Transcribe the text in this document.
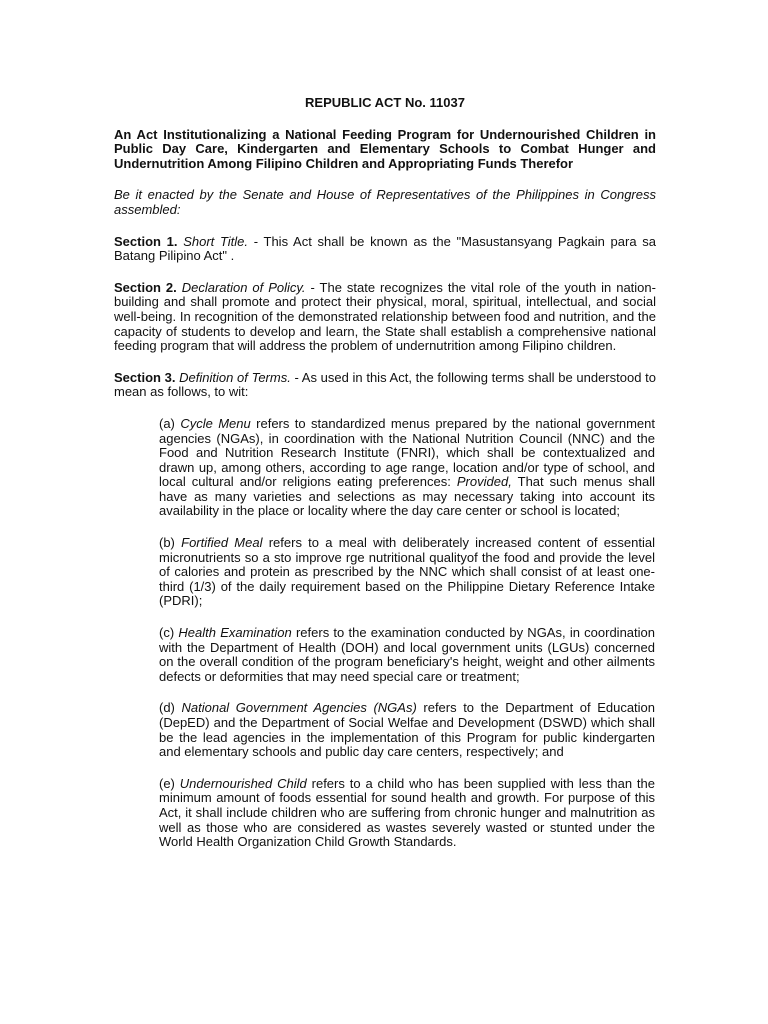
REPUBLIC ACT No. 11037
An Act Institutionalizing a National Feeding Program for Undernourished Children in Public Day Care, Kindergarten and Elementary Schools to Combat Hunger and Undernutrition Among Filipino Children and Appropriating Funds Therefor
Be it enacted by the Senate and House of Representatives of the Philippines in Congress assembled:
Section 1. Short Title. - This Act shall be known as the "Masustansyang Pagkain para sa Batang Pilipino Act" .
Section 2. Declaration of Policy. - The state recognizes the vital role of the youth in nation-building and shall promote and protect their physical, moral, spiritual, intellectual, and social well-being. In recognition of the demonstrated relationship between food and nutrition, and the capacity of students to develop and learn, the State shall establish a comprehensive national feeding program that will address the problem of undernutrition among Filipino children.
Section 3. Definition of Terms. - As used in this Act, the following terms shall be understood to mean as follows, to wit:
(a) Cycle Menu refers to standardized menus prepared by the national government agencies (NGAs), in coordination with the National Nutrition Council (NNC) and the Food and Nutrition Research Institute (FNRI), which shall be contextualized and drawn up, among others, according to age range, location and/or type of school, and local cultural and/or religions eating preferences: Provided, That such menus shall have as many varieties and selections as may necessary taking into account its availability in the place or locality where the day care center or school is located;
(b) Fortified Meal refers to a meal with deliberately increased content of essential micronutrients so a sto improve rge nutritional qualityof the food and provide the level of calories and protein as prescribed by the NNC which shall consist of at least one-third (1/3) of the daily requirement based on the Philippine Dietary Reference Intake (PDRI);
(c) Health Examination refers to the examination conducted by NGAs, in coordination with the Department of Health (DOH) and local government units (LGUs) concerned on the overall condition of the program beneficiary's height, weight and other ailments defects or deformities that may need special care or treatment;
(d) National Government Agencies (NGAs) refers to the Department of Education (DepED) and the Department of Social Welfae and Development (DSWD) which shall be the lead agencies in the implementation of this Program for public kindergarten and elementary schools and public day care centers, respectively; and
(e) Undernourished Child refers to a child who has been supplied with less than the minimum amount of foods essential for sound health and growth. For purpose of this Act, it shall include children who are suffering from chronic hunger and malnutrition as well as those who are considered as wastes severely wasted or stunted under the World Health Organization Child Growth Standards.
